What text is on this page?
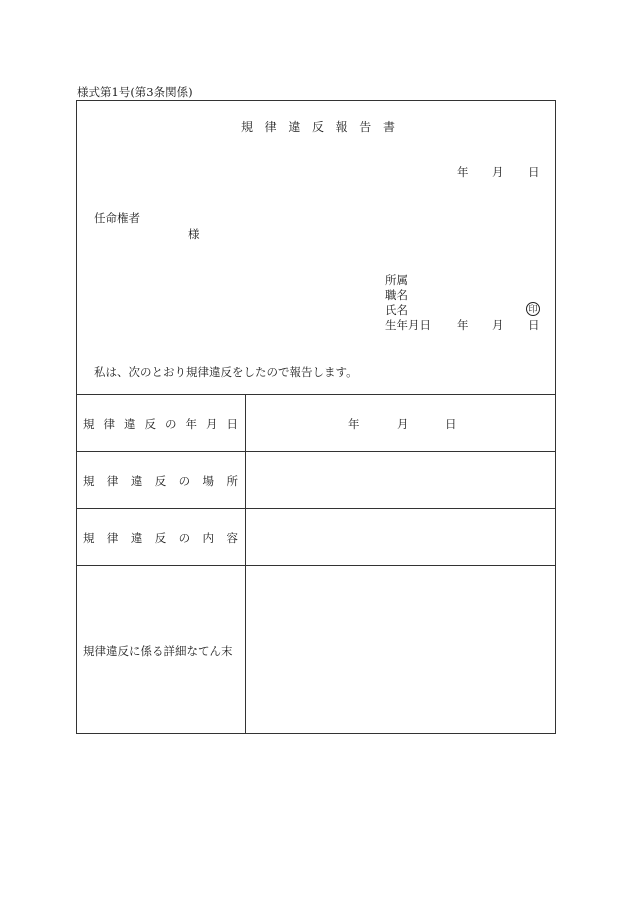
様式第1号(第3条関係)
規 律 違 反 報 告 書
年 月 日
任命権者
様
所属
職名
氏名	印
生年月日 年 月 日
私は、次のとおり規律違反をしたので報告します。
規 律 違 反 の 年 月 日	年	月	日
規 律 違 反 の 場 所
規 律 違 反 の 内 容
規律違反に係る詳細なてん末
